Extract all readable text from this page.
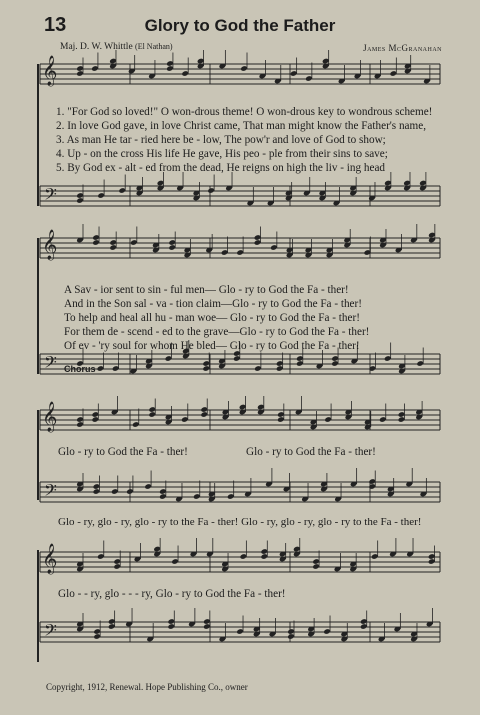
13	Glory to God the Father
Maj. D. W. Whittle (El Nathan)	James McGranahan
𝄞
𝄢
𝄞
𝄢
𝄞
𝄢
𝄞
𝄢
1. "For God so loved!" O won-drous theme! O won-drous key to wondrous scheme!
2. In love God gave, in love Christ came, That man might know the Father's name,
3. As man He tar - ried here be - low, The pow'r and love of God to show;
4. Up - on the cross His life He gave, His peo - ple from their sins to save;
5. By God ex - alt - ed from the dead, He reigns on high the liv - ing head
A Sav - ior sent to sin - ful men— Glo - ry to God the Fa - ther!
And in the Son sal - va - tion claim—Glo - ry to God the Fa - ther!
To help and heal all hu - man woe— Glo - ry to God the Fa - ther!
For them de - scend - ed to the grave—Glo - ry to God the Fa - ther!
Of ev - 'ry soul for whom He bled— Glo - ry to God the Fa - ther!
Chorus
Glo - ry to God the Fa - ther!	Glo - ry to God the Fa - ther!
Glo - ry, glo - ry, glo - ry to the Fa - ther! Glo - ry, glo - ry, glo - ry to the Fa - ther!
Glo - - ry, glo - - - ry, Glo - ry to God the Fa - ther!
Copyright, 1912, Renewal. Hope Publishing Co., owner
